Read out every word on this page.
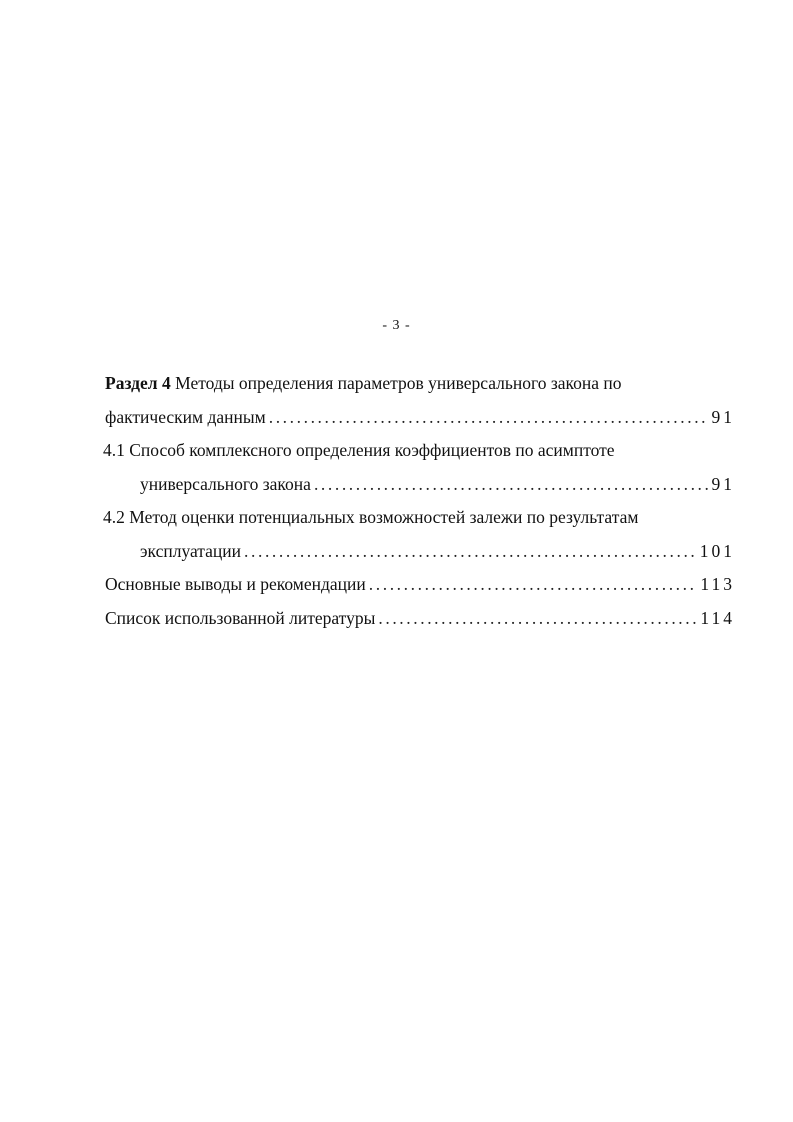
- 3 -
Раздел 4 Методы определения параметров универсального закона по
фактическим данным .....	91
4.1 Способ комплексного определения коэффициентов по асимптоте
универсального закона .....	91
4.2 Метод оценки потенциальных возможностей залежи по результатам
эксплуатации .....	101
Основные выводы и рекомендации .....	113
Список использованной литературы .....	114
